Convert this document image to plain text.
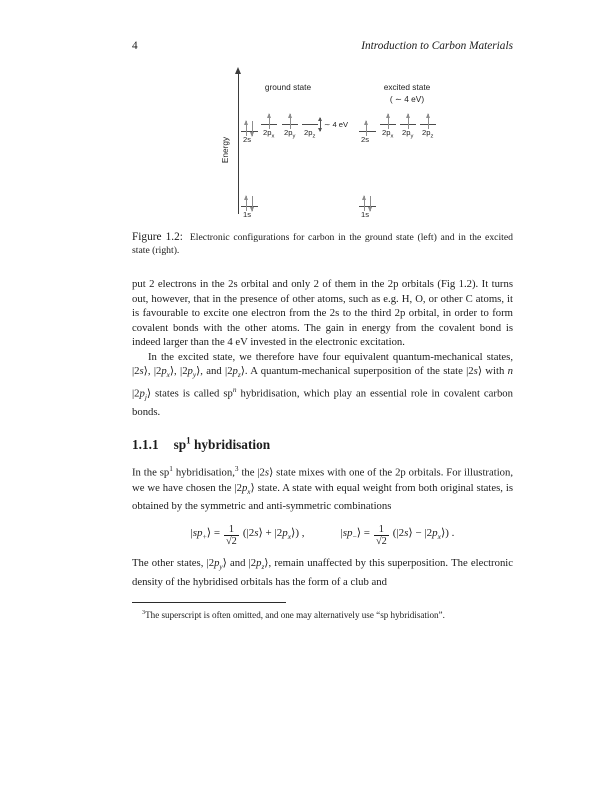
4	Introduction to Carbon Materials
Energy
ground state	excited state
( ∼ 4 eV)
2s
$2p_x$ $2p_y$ $2p_z$
∼ 4 eV
1s
2s
$2p_x$ $2p_y$ $2p_z$
1s

Figure 1.2: Electronic configurations for carbon in the ground state (left) and in the excited state (right).

put 2 electrons in the 2s orbital and only 2 of them in the 2p orbitals (Fig 1.2). It turns out, however, that in the presence of other atoms, such as e.g. H, O, or other C atoms, it is favourable to excite one electron from the 2s to the third 2p orbital, in order to form covalent bonds with the other atoms. The gain in energy from the covalent bond is indeed larger than the 4 eV invested in the electronic excitation.

In the excited state, we therefore have four equivalent quantum-mechanical states, |2s⟩, $|2p_x⟩$, $|2p_y⟩$, and $|2p_z⟩$. A quantum-mechanical superposition of the state |2s⟩ with n $|2p_j⟩$ states is called $sp^n$ hybridisation, which play an essential role in covalent carbon bonds.

1.1.1 $sp^1$ hybridisation

In the $sp^1$ hybridisation,$^3$ the |2s⟩ state mixes with one of the 2p orbitals. For illustration, we we have chosen the $|2p_x⟩$ state. A state with equal weight from both original states, is obtained by the symmetric and anti-symmetric combinations

$|sp_+⟩ = \frac{1}{√2}$ (|2s⟩ + $|2p_x⟩$) ,	$|sp_-⟩ = \frac{1}{√2}$ (|2s⟩ − $|2p_x⟩$) .

The other states, $|2p_y⟩$ and $|2p_z⟩$, remain unaffected by this superposition. The electronic density of the hybridised orbitals has the form of a club and

$^3$The superscript is often omitted, and one may alternatively use “sp hybridisation”.
